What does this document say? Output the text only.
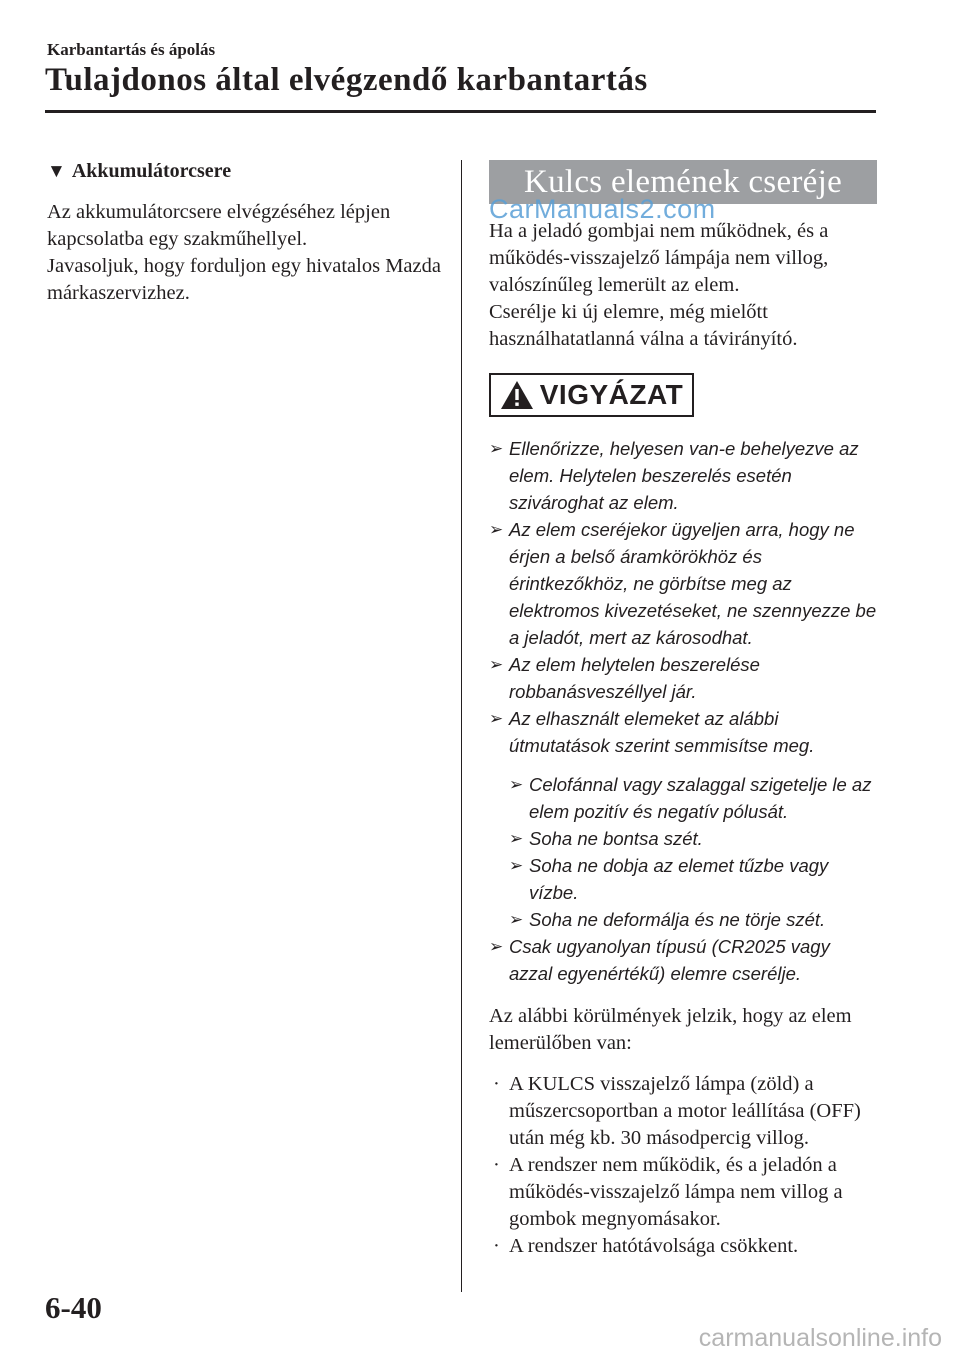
Karbantartás és ápolás
Tulajdonos által elvégzendő karbantartás
▼ Akkumulátorcsere

Az akkumulátorcsere elvégzéséhez lépjen kapcsolatba egy szakműhellyel.

Javasoljuk, hogy forduljon egy hivatalos Mazda márkaszervizhez.

Kulcs elemének cseréje
CarManuals2.com

Ha a jeladó gombjai nem működnek, és a működés-visszajelző lámpája nem villog, valószínűleg lemerült az elem.

Cserélje ki új elemre, még mielőtt használhatatlanná válna a távirányító.

VIGYÁZAT
➢ Ellenőrizze, helyesen van-e behelyezve az elem. Helytelen beszerelés esetén szivároghat az elem.
➢ Az elem cseréjekor ügyeljen arra, hogy ne érjen a belső áramkörökhöz és érintkezőkhöz, ne görbítse meg az elektromos kivezetéseket, ne szennyezze be a jeladót, mert az károsodhat.
➢ Az elem helytelen beszerelése robbanásveszéllyel jár.
➢ Az elhasznált elemeket az alábbi útmutatások szerint semmisítse meg.
➢ Celofánnal vagy szalaggal szigetelje le az elem pozitív és negatív pólusát.
➢ Soha ne bontsa szét.
➢ Soha ne dobja az elemet tűzbe vagy vízbe.
➢ Soha ne deformálja és ne törje szét.
➢ Csak ugyanolyan típusú (CR2025 vagy azzal egyenértékű) elemre cserélje.

Az alábbi körülmények jelzik, hogy az elem lemerülőben van:

· A KULCS visszajelző lámpa (zöld) a műszercsoportban a motor leállítása (OFF) után még kb. 30 másodpercig villog.
· A rendszer nem működik, és a jeladón a működés-visszajelző lámpa nem villog a gombok megnyomásakor.
· A rendszer hatótávolsága csökkent.
6-40
carmanualsonline.info
